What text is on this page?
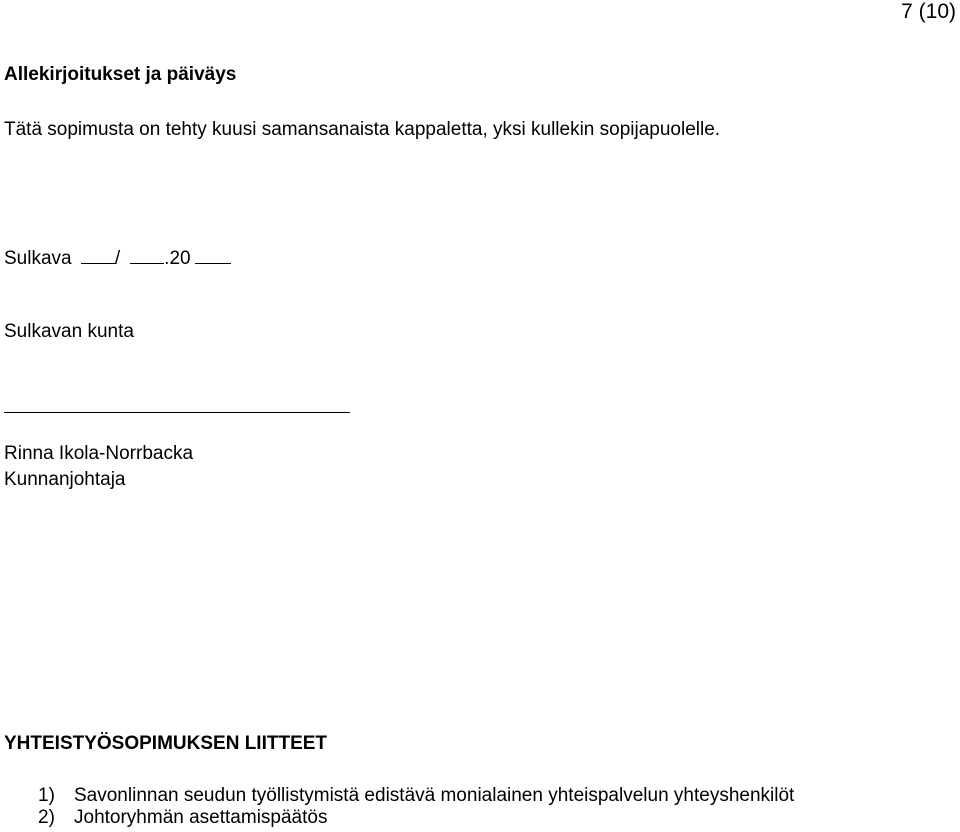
7 (10)
Allekirjoitukset ja päiväys
Tätä sopimusta on tehty kuusi samansanaista kappaletta, yksi kullekin sopijapuolelle.
Sulkava / .20
Sulkavan kunta
Rinna Ikola-Norrbacka
Kunnanjohtaja
YHTEISTYÖSOPIMUKSEN LIITTEET
1) Savonlinnan seudun työllistymistä edistävä monialainen yhteispalvelun yhteyshenkilöt
2) Johtoryhmän asettamispäätös
